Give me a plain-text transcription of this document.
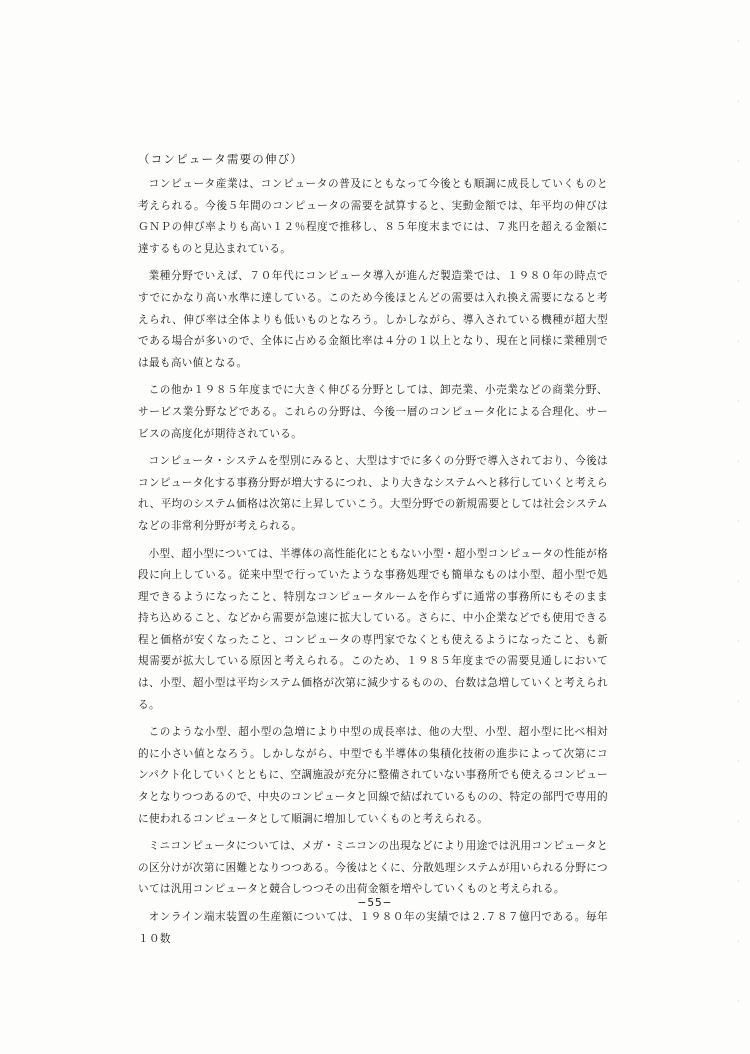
（コンピュータ需要の伸び）

コンピュータ産業は、コンピュータの普及にともなって今後とも順調に成長していくものと考えられる。今後５年間のコンピュータの需要を試算すると、実動金額では、年平均の伸びはＧＮＰの伸び率よりも高い１２％程度で推移し、８５年度末までには、７兆円を超える金額に達するものと見込まれている。

業種分野でいえば、７０年代にコンピュータ導入が進んだ製造業では、１９８０年の時点ですでにかなり高い水準に達している。このため今後ほとんどの需要は入れ換え需要になると考えられ、伸び率は全体よりも低いものとなろう。しかしながら、導入されている機種が超大型である場合が多いので、全体に占める金額比率は４分の１以上となり、現在と同様に業種別では最も高い値となる。

この他か１９８５年度までに大きく伸びる分野としては、卸売業、小売業などの商業分野、サービス業分野などである。これらの分野は、今後一層のコンピュータ化による合理化、サービスの高度化が期待されている。

コンピュータ・システムを型別にみると、大型はすでに多くの分野で導入されており、今後はコンピュータ化する事務分野が増大するにつれ、より大きなシステムへと移行していくと考えられ、平均のシステム価格は次第に上昇していこう。大型分野での新規需要としては社会システムなどの非常利分野が考えられる。

小型、超小型については、半導体の高性能化にともない小型・超小型コンピュータの性能が格段に向上している。従来中型で行っていたような事務処理でも簡単なものは小型、超小型で処理できるようになったこと、特別なコンピュータルームを作らずに通常の事務所にもそのまま持ち込めること、などから需要が急速に拡大している。さらに、中小企業などでも使用できる程と価格が安くなったこと、コンピュータの専門家でなくとも使えるようになったこと、も新規需要が拡大している原因と考えられる。このため、１９８５年度までの需要見通しにおいては、小型、超小型は平均システム価格が次第に減少するものの、台数は急増していくと考えられる。

このような小型、超小型の急増により中型の成長率は、他の大型、小型、超小型に比べ相対的に小さい値となろう。しかしながら、中型でも半導体の集積化技術の進歩によって次第にコンパクト化していくとともに、空調施設が充分に整備されていない事務所でも使えるコンピュータとなりつつあるので、中央のコンピュータと回線で結ばれているものの、特定の部門で専用的に使われるコンピュータとして順調に増加していくものと考えられる。

ミニコンピュータについては、メガ・ミニコンの出現などにより用途では汎用コンピュータとの区分けが次第に困難となりつつある。今後はとくに、分散処理システムが用いられる分野については汎用コンピュータと競合しつつその出荷金額を増やしていくものと考えられる。

オンライン端末装置の生産額については、１９８０年の実績では２.７８７億円である。毎年１０数

−55−
